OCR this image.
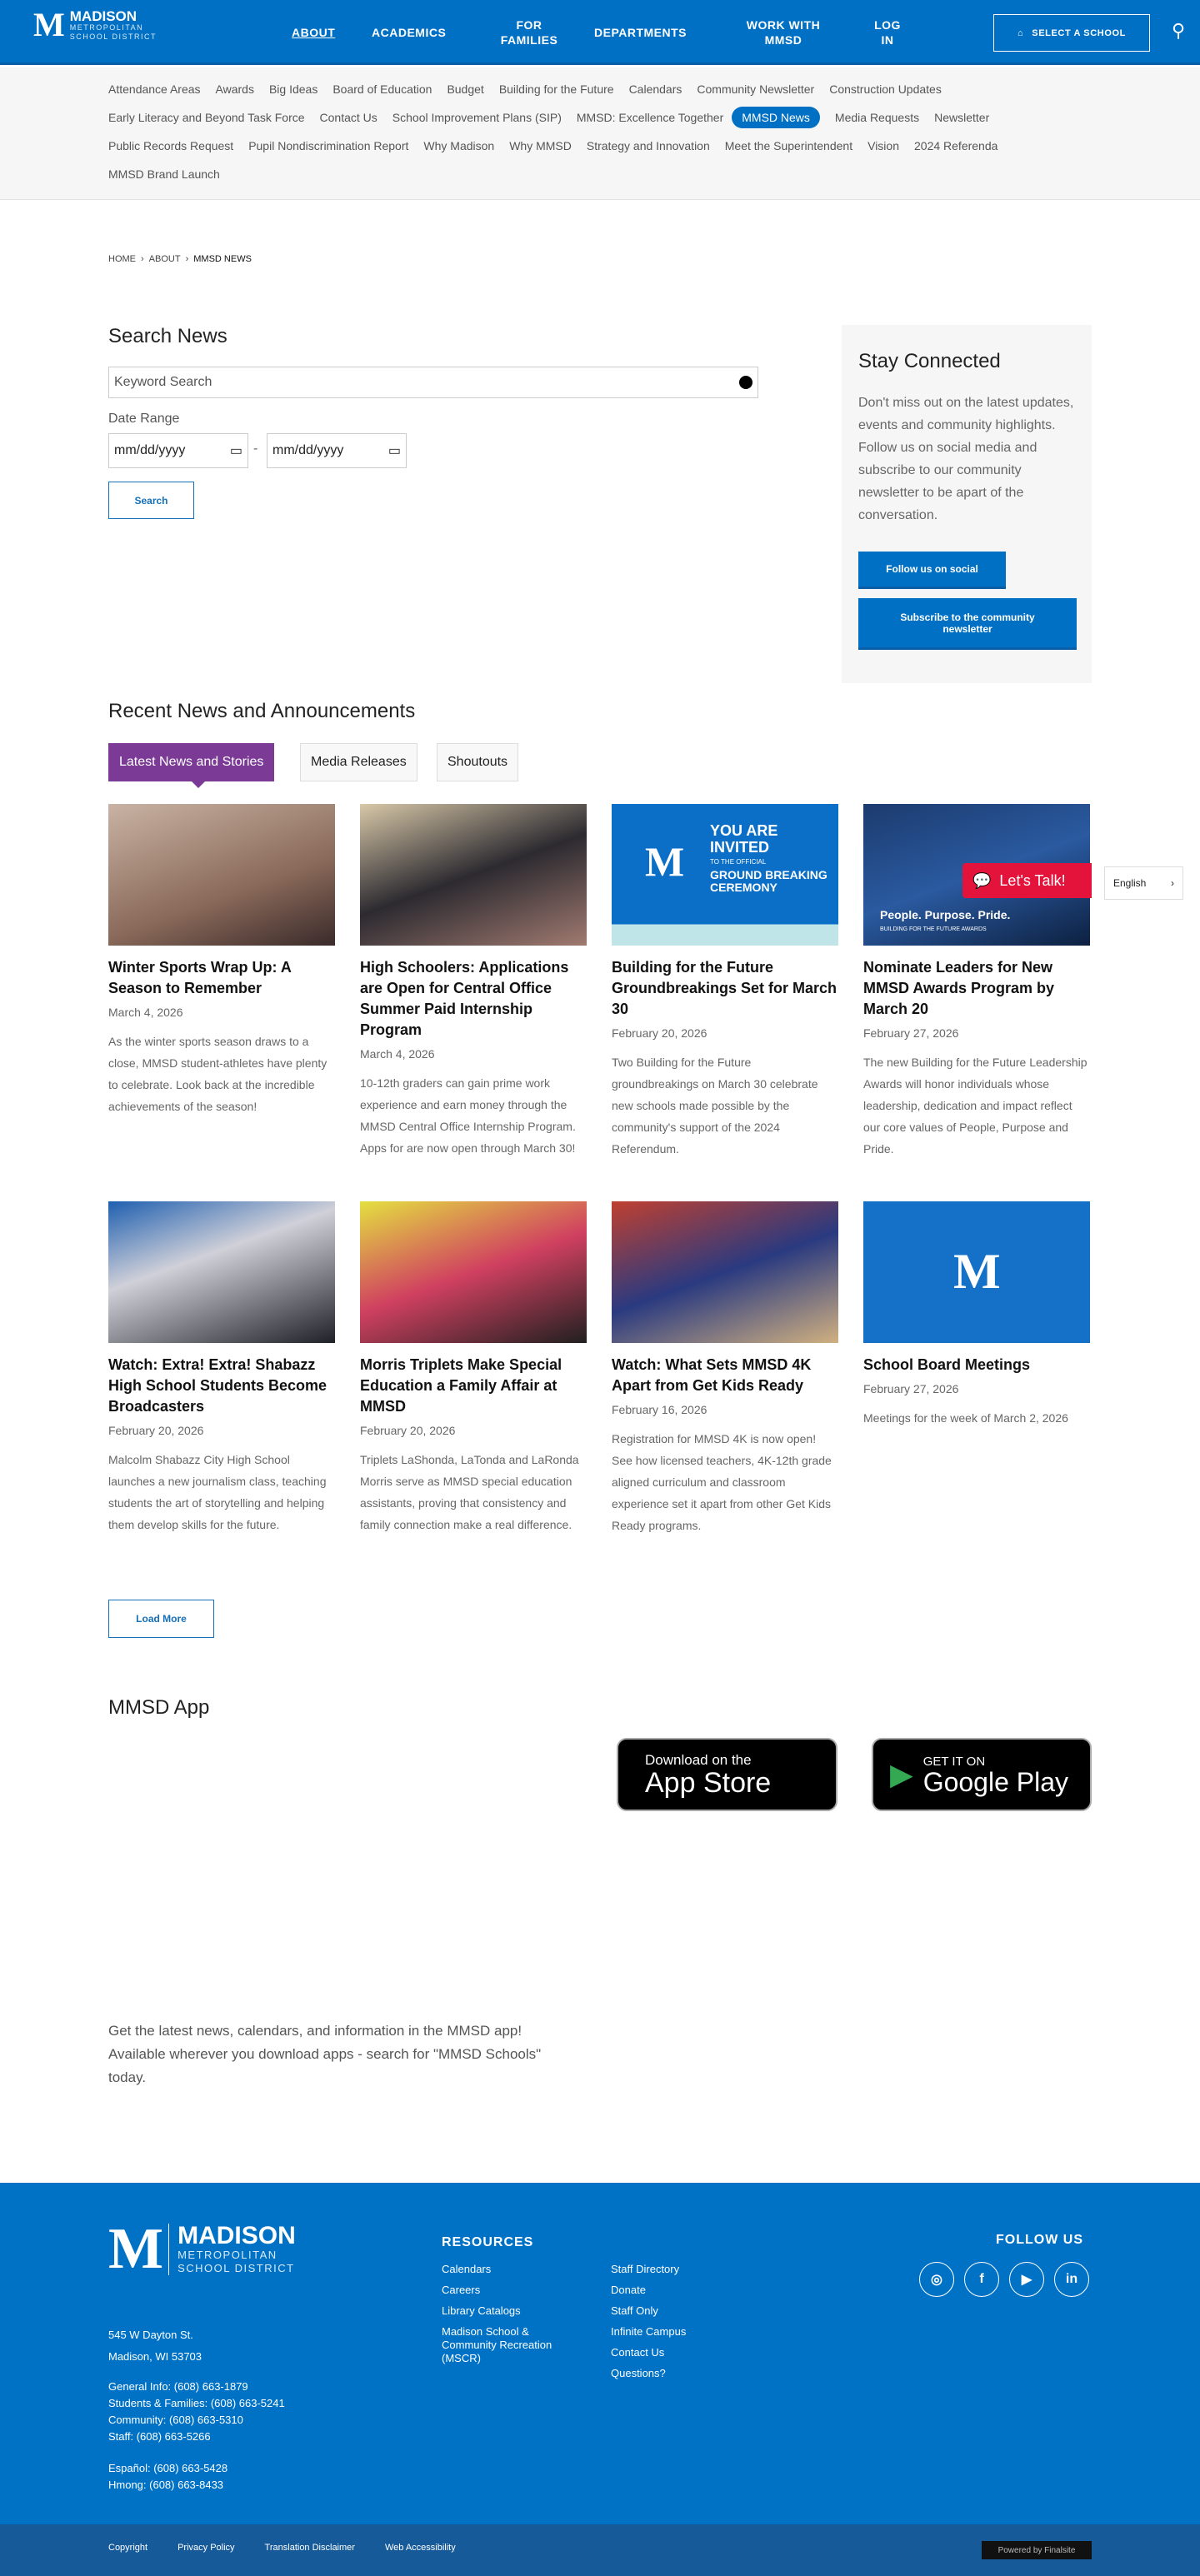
M MADISON
METROPOLITAN
SCHOOL DISTRICT	ABOUT	ACADEMICS
FOR FAMILIES
DEPARTMENTS
WORK WITH MMSD
LOG IN
⌂ SELECT A SCHOOL	⚲
Attendance Areas Awards Big Ideas Board of Education Budget Building for the Future Calendars Community Newsletter Construction Updates
Early Literacy and Beyond Task Force Contact Us School Improvement Plans (SIP) MMSD: Excellence Together	MMSD News	Media Requests Newsletter
Public Records Request Pupil Nondiscrimination Report Why Madison Why MMSD Strategy and Innovation Meet the Superintendent Vision 2024 Referenda
MMSD Brand Launch
HOME › ABOUT › MMSD NEWS
Search News
Keyword Search
Date Range
mm/dd/yyyy	▭ - mm/dd/yyyy	▭
Search
Stay Connected

Don't miss out on the latest updates, events and community highlights. Follow us on social media and subscribe to our community newsletter to be apart of the conversation.

Follow us on social
Subscribe to the community newsletter
Recent News and Announcements
Latest News and Stories	Media Releases	Shoutouts
Winter Sports Wrap Up: A Season to Remember
March 4, 2026
As the winter sports season draws to a close, MMSD student-athletes have plenty to celebrate. Look back at the incredible achievements of the season!
High Schoolers: Applications are Open for Central Office Summer Paid Internship Program
March 4, 2026
10-12th graders can gain prime work experience and earn money through the MMSD Central Office Internship Program. Apps for are now open through March 30!
M
YOU ARE INVITED
TO THE OFFICIAL
GROUND BREAKING CEREMONY
Building for the Future Groundbreakings Set for March 30
February 20, 2026
Two Building for the Future groundbreakings on March 30 celebrate new schools made possible by the community's support of the 2024 Referendum.
People. Purpose. Pride.
BUILDING FOR THE FUTURE AWARDS
Nominate Leaders for New MMSD Awards Program by March 20
February 27, 2026
The new Building for the Future Leadership Awards will honor individuals whose leadership, dedication and impact reflect our core values of People, Purpose and Pride.
Watch: Extra! Extra! Shabazz High School Students Become Broadcasters
February 20, 2026
Malcolm Shabazz City High School launches a new journalism class, teaching students the art of storytelling and helping them develop skills for the future.
Morris Triplets Make Special Education a Family Affair at MMSD
February 20, 2026
Triplets LaShonda, LaTonda and LaRonda Morris serve as MMSD special education assistants, proving that consistency and family connection make a real difference.
Watch: What Sets MMSD 4K Apart from Get Kids Ready
February 16, 2026
Registration for MMSD 4K is now open! See how licensed teachers, 4K-12th grade aligned curriculum and classroom experience set it apart from other Get Kids Ready programs.
M
School Board Meetings
February 27, 2026
Meetings for the week of March 2, 2026
Load More
💬 Let's Talk!	English ›
MMSD App
Download on the
App Store	▶ GET IT ON
Google Play

Get the latest news, calendars, and information in the MMSD app! Available wherever you download apps - search for "MMSD Schools" today.

M MADISON
METROPOLITAN
SCHOOL DISTRICT
545 W Dayton St.
Madison, WI 53703
General Info: (608) 663-1879
Students & Families: (608) 663-5241
Community: (608) 663-5310
Staff: (608) 663-5266
Español: (608) 663-5428
Hmong: (608) 663-8433
RESOURCES
Calendars
Careers
Library Catalogs
Madison School & Community Recreation (MSCR)
Staff Directory
Donate
Staff Only
Infinite Campus
Contact Us
Questions?
FOLLOW US
◎	f	▶	in
Copyright	Privacy Policy	Translation Disclaimer	Web Accessibility	Powered by Finalsite
